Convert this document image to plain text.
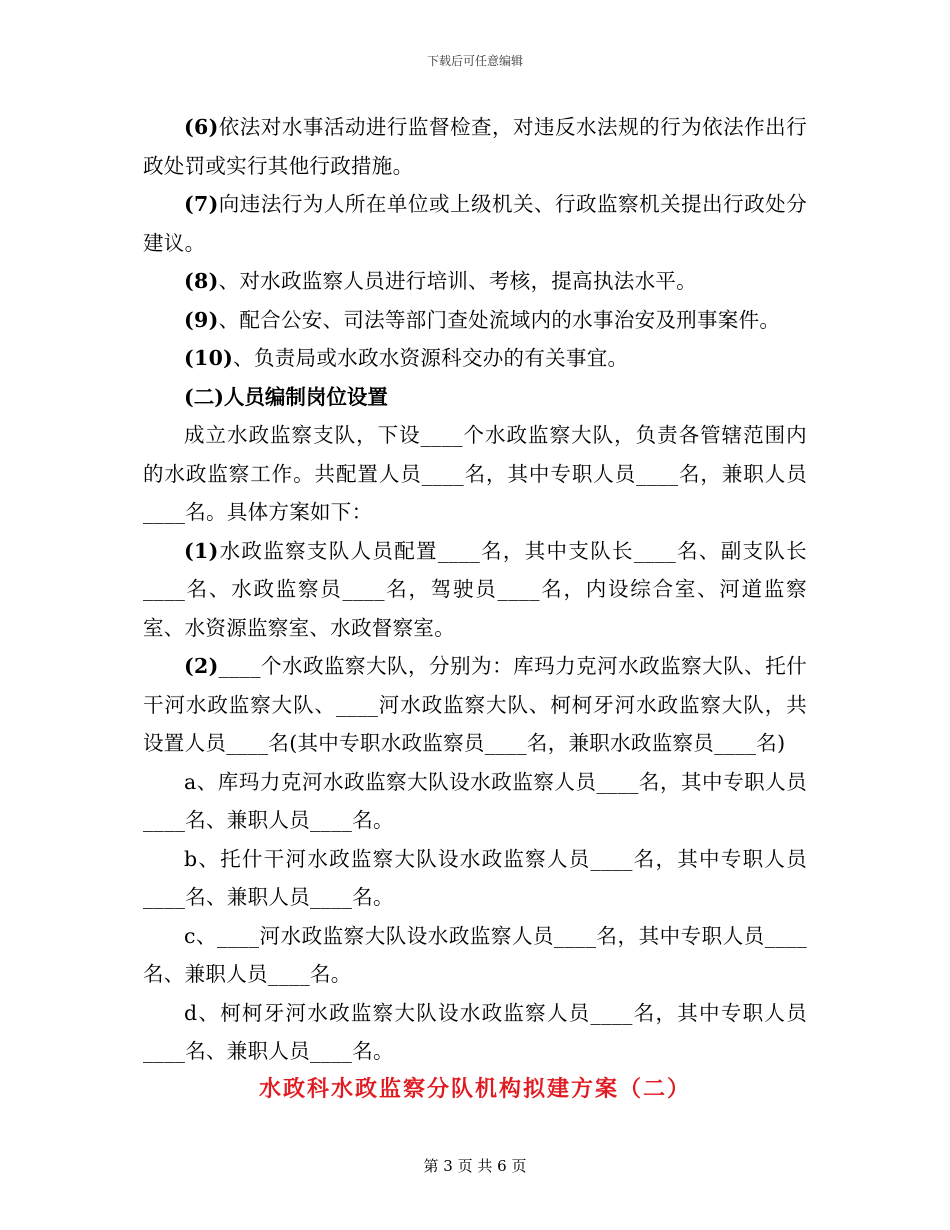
下载后可任意编辑

(6)依法对水事活动进行监督检查，对违反水法规的行为依法作出行政处罚或实行其他行政措施。

(7)向违法行为人所在单位或上级机关、行政监察机关提出行政处分建议。

(8)、对水政监察人员进行培训、考核，提高执法水平。

(9)、配合公安、司法等部门查处流域内的水事治安及刑事案件。

(10)、负责局或水政水资源科交办的有关事宜。

(二)人员编制岗位设置

成立水政监察支队，下设____个水政监察大队，负责各管辖范围内的水政监察工作。共配置人员____名，其中专职人员____名，兼职人员____名。具体方案如下：

(1)水政监察支队人员配置____名，其中支队长____名、副支队长____名、水政监察员____名，驾驶员____名，内设综合室、河道监察室、水资源监察室、水政督察室。

(2)____个水政监察大队，分别为：库玛力克河水政监察大队、托什干河水政监察大队、____河水政监察大队、柯柯牙河水政监察大队，共设置人员____名(其中专职水政监察员____名，兼职水政监察员____名)

a、库玛力克河水政监察大队设水政监察人员____名，其中专职人员____名、兼职人员____名。

b、托什干河水政监察大队设水政监察人员____名，其中专职人员____名、兼职人员____名。

c、____河水政监察大队设水政监察人员____名，其中专职人员____名、兼职人员____名。

d、柯柯牙河水政监察大队设水政监察人员____名，其中专职人员____名、兼职人员____名。

水政科水政监察分队机构拟建方案（二）
第 3 页 共 6 页
